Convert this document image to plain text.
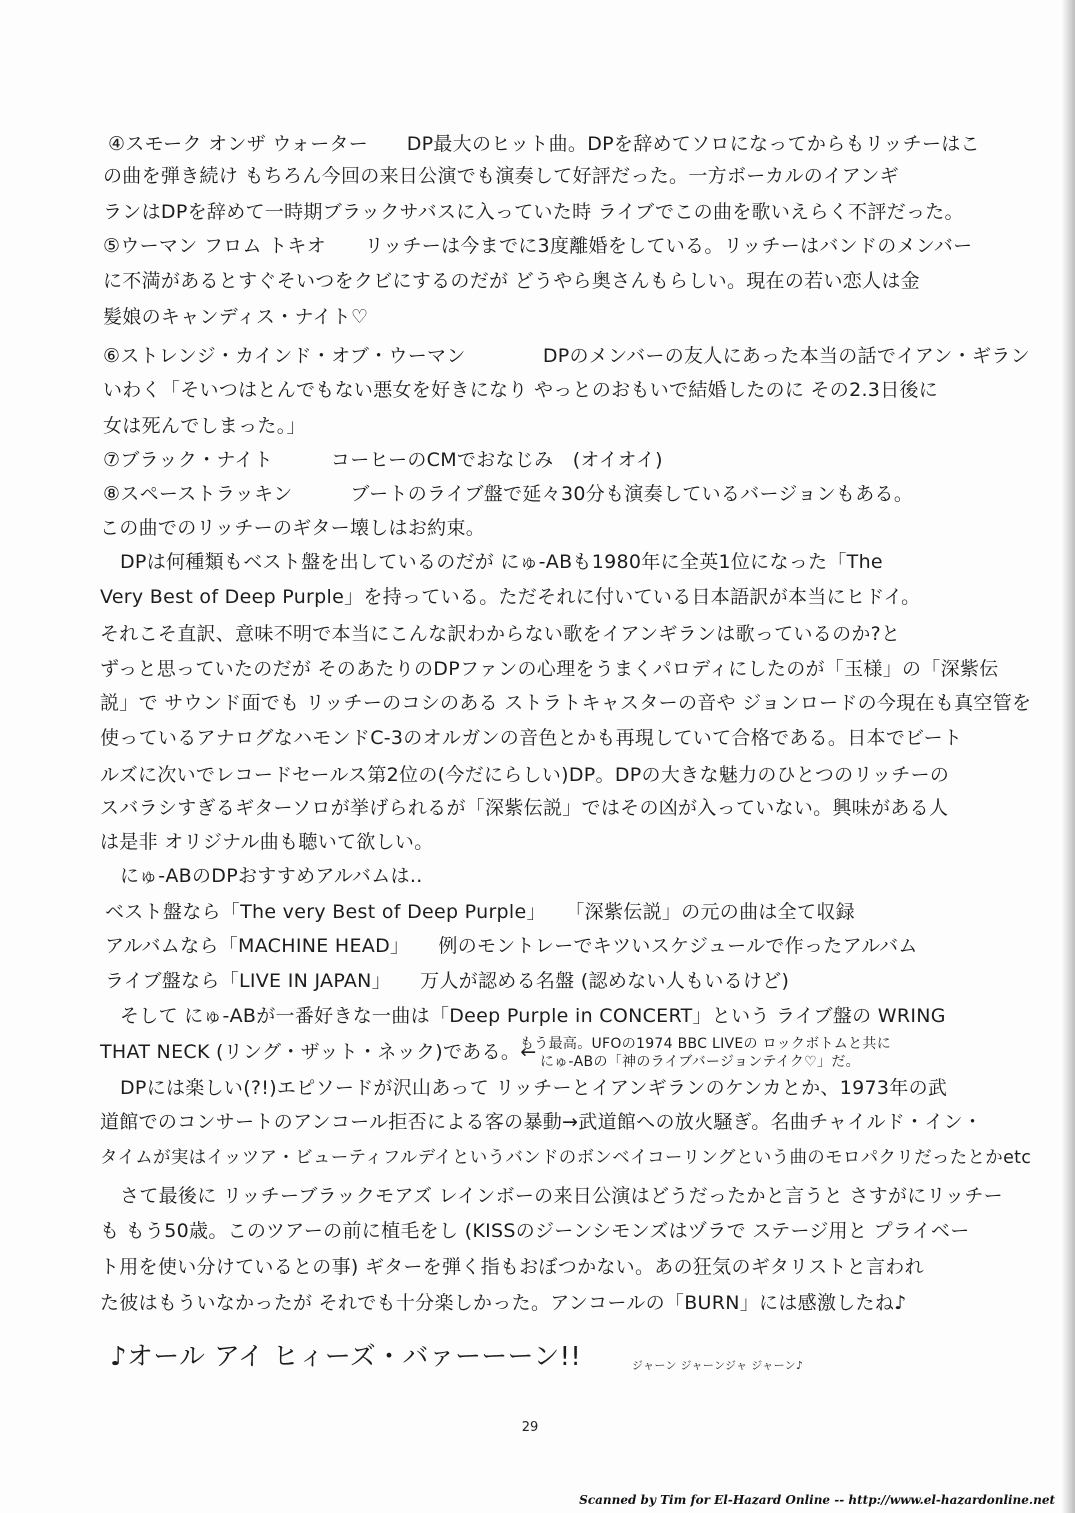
④スモーク オンザ ウォーター　　DP最大のヒット曲。DPを辞めてソロになってからもリッチーはこ
の曲を弾き続け もちろん今回の来日公演でも演奏して好評だった。一方ボーカルのイアンギ
ランはDPを辞めて一時期ブラックサバスに入っていた時 ライブでこの曲を歌いえらく不評だった。
⑤ウーマン フロム トキオ　　リッチーは今までに3度離婚をしている。リッチーはバンドのメンバー
に不満があるとすぐそいつをクビにするのだが どうやら奥さんもらしい。現在の若い恋人は金
髪娘のキャンディス・ナイト♡
⑥ストレンジ・カインド・オブ・ウーマン　　　　DPのメンバーの友人にあった本当の話でイアン・ギラン
いわく「そいつはとんでもない悪女を好きになり やっとのおもいで結婚したのに その2.3日後に
女は死んでしまった。」
⑦ブラック・ナイト　　　コーヒーのCMでおなじみ　(オイオイ)
⑧スペーストラッキン　　　ブートのライブ盤で延々30分も演奏しているバージョンもある。
この曲でのリッチーのギター壊しはお約束。
DPは何種類もベスト盤を出しているのだが にゅ-ABも1980年に全英1位になった「The
Very Best of Deep Purple」を持っている。ただそれに付いている日本語訳が本当にヒドイ。
それこそ直訳、意味不明で本当にこんな訳わからない歌をイアンギランは歌っているのか?と
ずっと思っていたのだが そのあたりのDPファンの心理をうまくパロディにしたのが「玉様」の「深紫伝
説」で サウンド面でも リッチーのコシのある ストラトキャスターの音や ジョンロードの今現在も真空管を
使っているアナログなハモンドC-3のオルガンの音色とかも再現していて合格である。日本でビート
ルズに次いでレコードセールス第2位の(今だにらしい)DP。DPの大きな魅力のひとつのリッチーの
スバラシすぎるギターソロが挙げられるが「深紫伝説」ではその凶が入っていない。興味がある人
は是非 オリジナル曲も聴いて欲しい。
にゅ-ABのDPおすすめアルバムは‥
ベスト盤なら「The very Best of Deep Purple」　　「深紫伝説」の元の曲は全て収録
アルバムなら「MACHINE HEAD」　　例のモントレーでキツいスケジュールで作ったアルバム
ライブ盤なら「LIVE IN JAPAN」　　万人が認める名盤 (認めない人もいるけど)
そして にゅ-ABが一番好きな一曲は「Deep Purple in CONCERT」という ライブ盤の WRING
THAT NECK (リング・ザット・ネック)である。←
もう最高。UFOの1974 BBC LIVEの ロックボトムと共に
にゅ-ABの「神のライブバージョンテイク♡」だ。
DPには楽しい(?!)エピソードが沢山あって リッチーとイアンギランのケンカとか、1973年の武
道館でのコンサートのアンコール拒否による客の暴動→武道館への放火騒ぎ。名曲チャイルド・イン・
タイムが実はイッツア・ビューティフルデイというバンドのボンベイコーリングという曲のモロパクリだったとかetc
さて最後に リッチーブラックモアズ レインボーの来日公演はどうだったかと言うと さすがにリッチー
も もう50歳。このツアーの前に植毛をし (KISSのジーンシモンズはヅラで ステージ用と プライベー
ト用を使い分けているとの事) ギターを弾く指もおぼつかない。あの狂気のギタリストと言われ
た彼はもういなかったが それでも十分楽しかった。アンコールの「BURN」には感激したね♪
♪オール アイ ヒィーズ・バァーーーン!!	ジャーン ジャーンジャ ジャーン♪
29
Scanned by Tim for El-Hazard Online -- http://www.el-hazardonline.net
